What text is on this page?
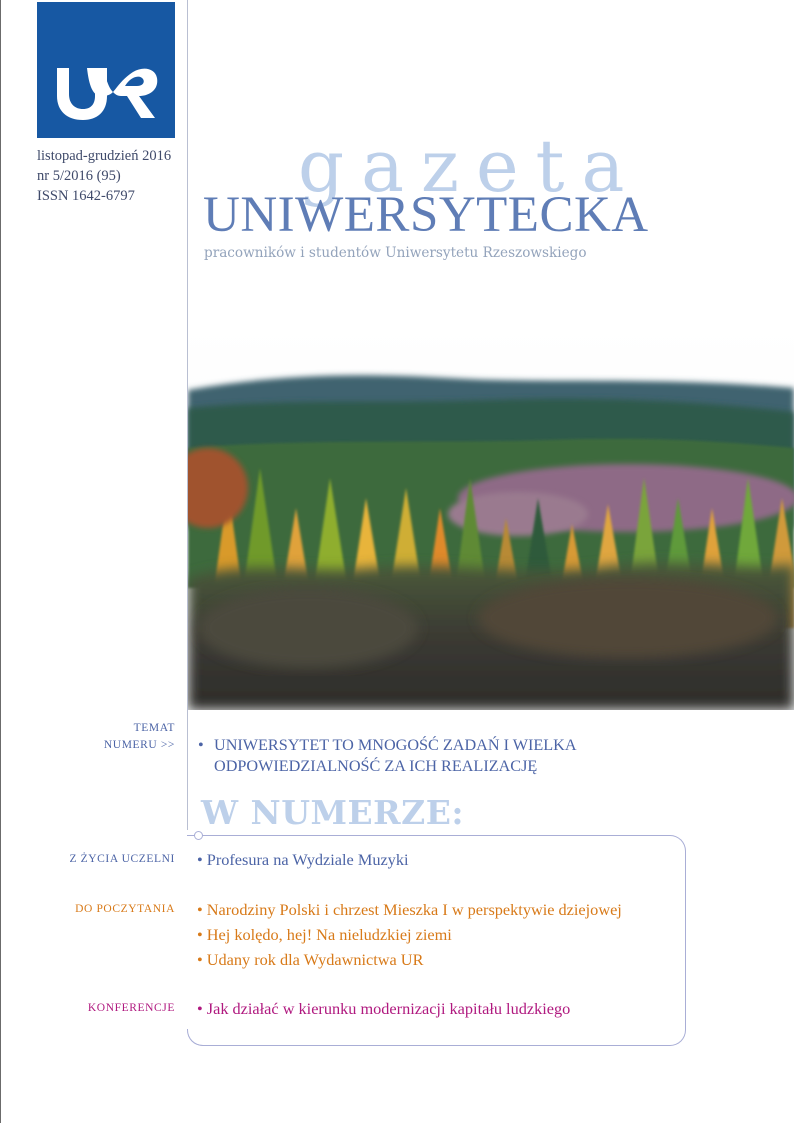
listopad-grudzień 2016
nr 5/2016 (95)
ISSN 1642-6797	gazeta
UNIWERSYTECKA
pracowników i studentów Uniwersytetu Rzeszowskiego
TEMAT
NUMERU >> • UNIWERSYTET TO MNOGOŚĆ ZADAŃ I WIELKA ODPOWIEDZIALNOŚĆ ZA ICH REALIZACJĘ
W NUMERZE:
Z ŻYCIA UCZELNI • Profesura na Wydziale Muzyki
DO POCZYTANIA • Narodziny Polski i chrzest Mieszka I w perspektywie dziejowej
• Hej kolędo, hej! Na nieludzkiej ziemi
• Udany rok dla Wydawnictwa UR
KONFERENCJE • Jak działać w kierunku modernizacji kapitału ludzkiego
